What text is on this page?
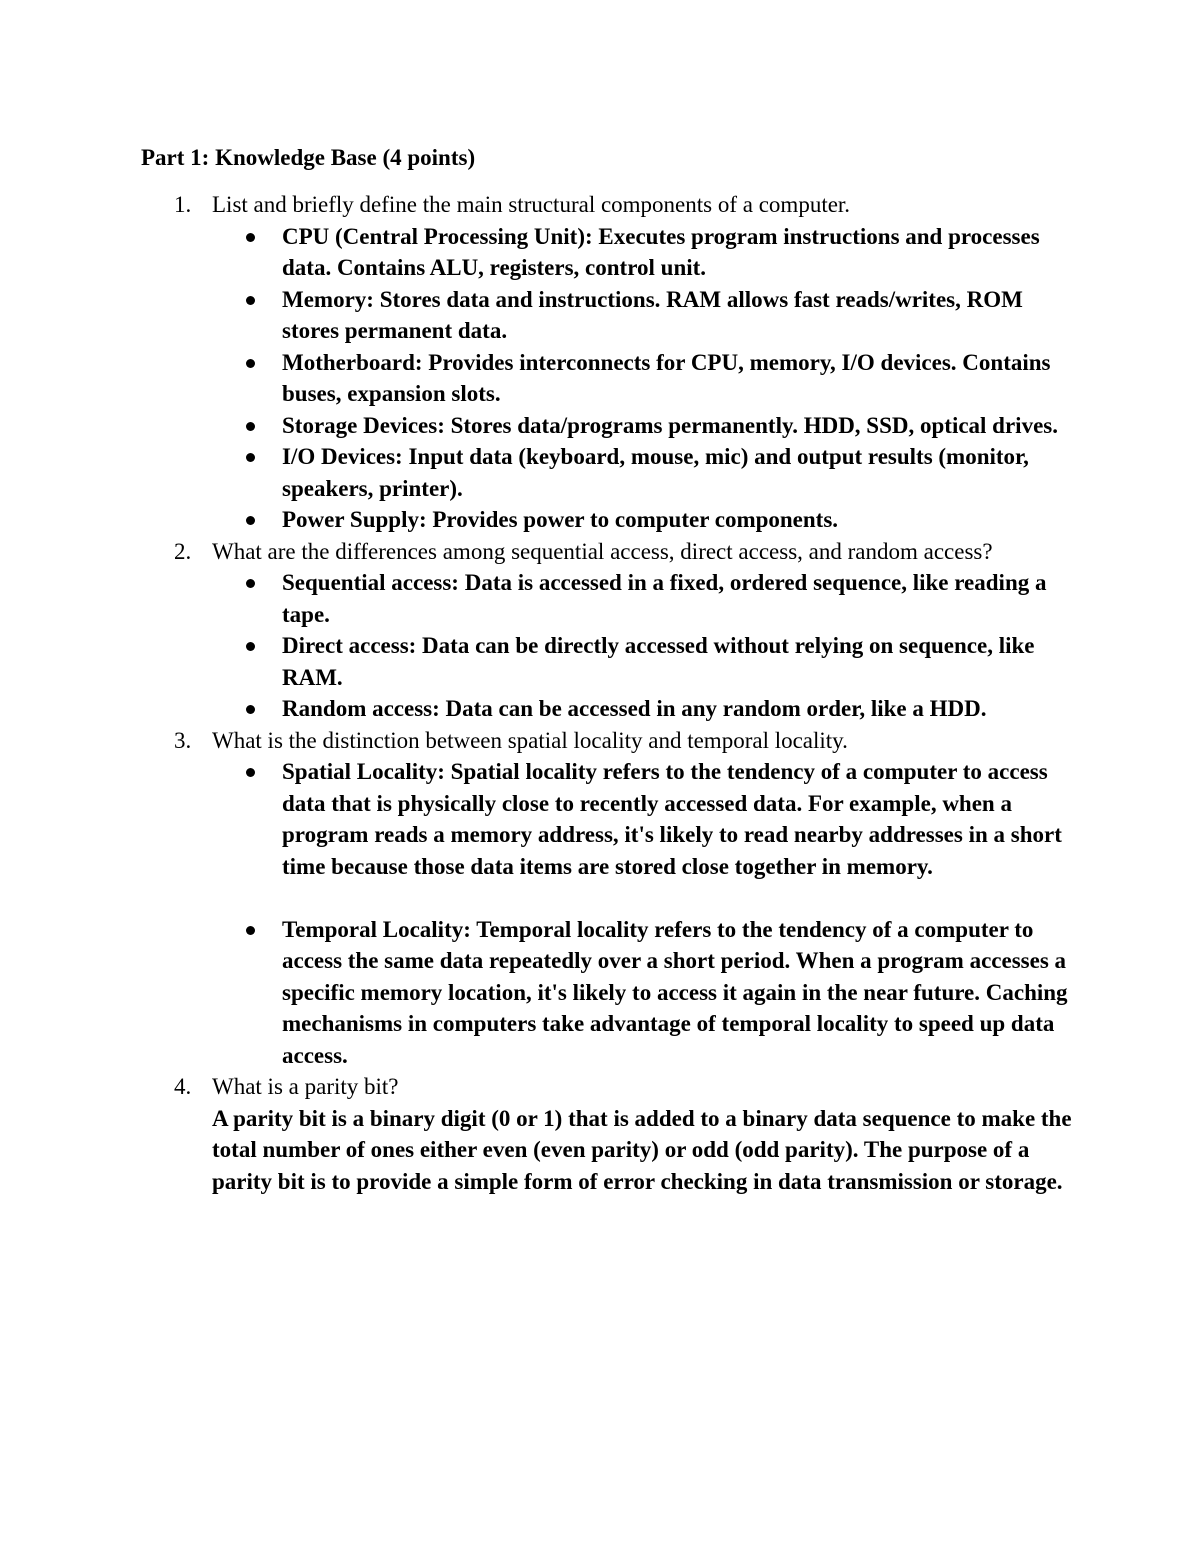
Part 1: Knowledge Base (4 points)
1. List and briefly define the main structural components of a computer.
CPU (Central Processing Unit): Executes program instructions and processes data. Contains ALU, registers, control unit.
Memory: Stores data and instructions. RAM allows fast reads/writes, ROM stores permanent data.
Motherboard: Provides interconnects for CPU, memory, I/O devices. Contains buses, expansion slots.
Storage Devices: Stores data/programs permanently. HDD, SSD, optical drives.
I/O Devices: Input data (keyboard, mouse, mic) and output results (monitor, speakers, printer).
Power Supply: Provides power to computer components.
2. What are the differences among sequential access, direct access, and random access?
Sequential access: Data is accessed in a fixed, ordered sequence, like reading a tape.
Direct access: Data can be directly accessed without relying on sequence, like RAM.
Random access: Data can be accessed in any random order, like a HDD.
3. What is the distinction between spatial locality and temporal locality.
Spatial Locality: Spatial locality refers to the tendency of a computer to access data that is physically close to recently accessed data. For example, when a program reads a memory address, it's likely to read nearby addresses in a short time because those data items are stored close together in memory.
Temporal Locality: Temporal locality refers to the tendency of a computer to access the same data repeatedly over a short period. When a program accesses a specific memory location, it's likely to access it again in the near future. Caching mechanisms in computers take advantage of temporal locality to speed up data access.
4. What is a parity bit?
A parity bit is a binary digit (0 or 1) that is added to a binary data sequence to make the total number of ones either even (even parity) or odd (odd parity). The purpose of a parity bit is to provide a simple form of error checking in data transmission or storage.
